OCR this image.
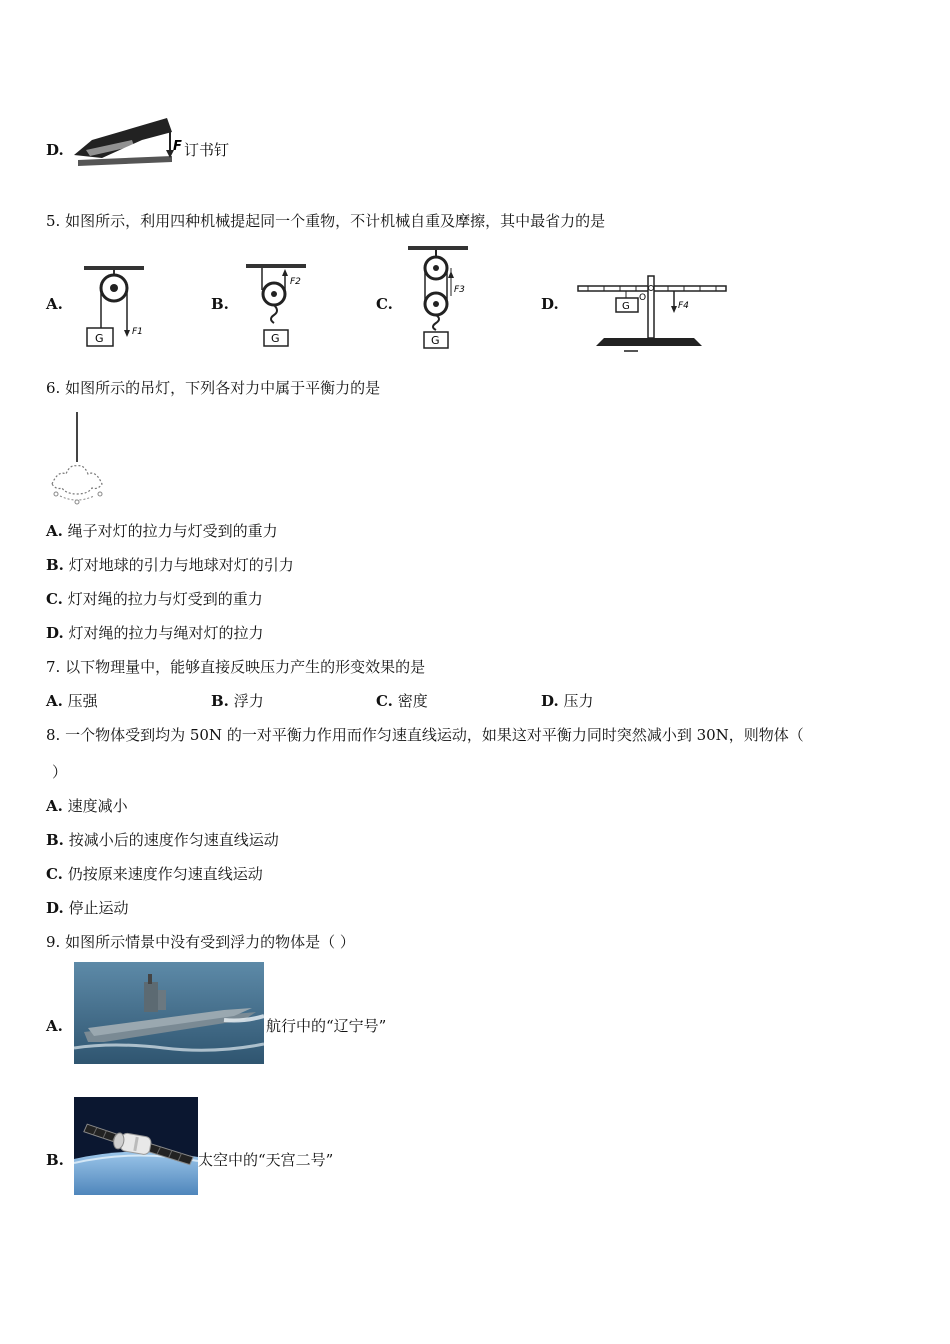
D.	F 订书钉
5. 如图所示，利用四种机械提起同一个重物，不计机械自重及摩擦，其中最省力的是
A.
G	F1
B.
G
F2
C.
G
F3
D.	O
G	F4
6. 如图所示的吊灯，下列各对力中属于平衡力的是
A. 绳子对灯的拉力与灯受到的重力
B. 灯对地球的引力与地球对灯的引力
C. 灯对绳的拉力与灯受到的重力
D. 灯对绳的拉力与绳对灯的拉力
7. 以下物理量中，能够直接反映压力产生的形变效果的是
A. 压强	B. 浮力	C. 密度	D. 压力
8. 一个物体受到均为 50N 的一对平衡力作用而作匀速直线运动，如果这对平衡力同时突然减小到 30N，则物体（
）
A. 速度减小
B. 按减小后的速度作匀速直线运动
C. 仍按原来速度作匀速直线运动
D. 停止运动
9. 如图所示情景中没有受到浮力的物体是（ ）
A.	航行中的“辽宁号”
B.	太空中的“天宫二号”
